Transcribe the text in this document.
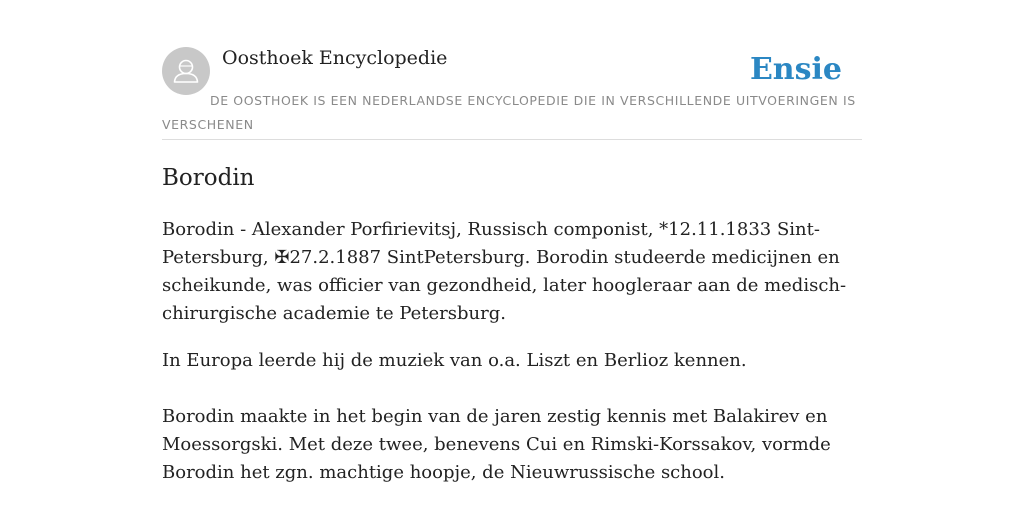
Oosthoek Encyclopedie	Ensie
DE OOSTHOEK IS EEN NEDERLANDSE ENCYCLOPEDIE DIE IN VERSCHILLENDE UITVOERINGEN IS VERSCHENEN
Borodin

Borodin - Alexander Porfirievitsj, Russisch componist, *12.11.1833 Sint-Petersburg, ✠27.2.1887 SintPetersburg. Borodin studeerde medicijnen en scheikunde, was officier van gezondheid, later hoogleraar aan de medisch-chirurgische academie te Petersburg.

In Europa leerde hij de muziek van o.a. Liszt en Berlioz kennen.

Borodin maakte in het begin van de jaren zestig kennis met Balakirev en Moessorgski. Met deze twee, benevens Cui en Rimski-Korssakov, vormde Borodin het zgn. machtige hoopje, de Nieuwrussische school.
